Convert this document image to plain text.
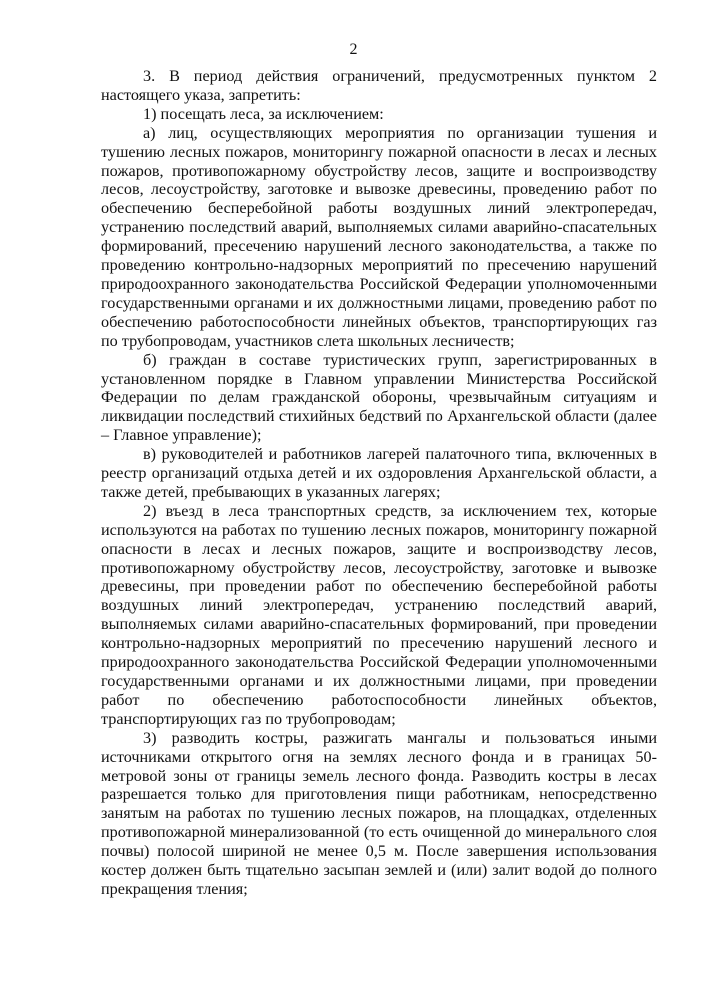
2

3. В период действия ограничений, предусмотренных пунктом 2 настоящего указа, запретить:

1) посещать леса, за исключением:

а) лиц, осуществляющих мероприятия по организации тушения и тушению лесных пожаров, мониторингу пожарной опасности в лесах и лесных пожаров, противопожарному обустройству лесов, защите и воспроизводству лесов, лесоустройству, заготовке и вывозке древесины, проведению работ по обеспечению бесперебойной работы воздушных линий электропередач, устранению последствий аварий, выполняемых силами аварийно-спасательных формирований, пресечению нарушений лесного законодательства, а также по проведению контрольно-надзорных мероприятий по пресечению нарушений природоохранного законодательства Российской Федерации уполномоченными государственными органами и их должностными лицами, проведению работ по обеспечению работоспособности линейных объектов, транспортирующих газ по трубопроводам, участников слета школьных лесничеств;

б) граждан в составе туристических групп, зарегистрированных в установленном порядке в Главном управлении Министерства Российской Федерации по делам гражданской обороны, чрезвычайным ситуациям и ликвидации последствий стихийных бедствий по Архангельской области (далее – Главное управление);

в) руководителей и работников лагерей палаточного типа, включенных в реестр организаций отдыха детей и их оздоровления Архангельской области, а также детей, пребывающих в указанных лагерях;

2) въезд в леса транспортных средств, за исключением тех, которые используются на работах по тушению лесных пожаров, мониторингу пожарной опасности в лесах и лесных пожаров, защите и воспроизводству лесов, противопожарному обустройству лесов, лесоустройству, заготовке и вывозке древесины, при проведении работ по обеспечению бесперебойной работы воздушных линий электропередач, устранению последствий аварий, выполняемых силами аварийно-спасательных формирований, при проведении контрольно-надзорных мероприятий по пресечению нарушений лесного и природоохранного законодательства Российской Федерации уполномоченными государственными органами и их должностными лицами, при проведении работ по обеспечению работоспособности линейных объектов, транспортирующих газ по трубопроводам;

3) разводить костры, разжигать мангалы и пользоваться иными источниками открытого огня на землях лесного фонда и в границах 50-метровой зоны от границы земель лесного фонда. Разводить костры в лесах разрешается только для приготовления пищи работникам, непосредственно занятым на работах по тушению лесных пожаров, на площадках, отделенных противопожарной минерализованной (то есть очищенной до минерального слоя почвы) полосой шириной не менее 0,5 м. После завершения использования костер должен быть тщательно засыпан землей и (или) залит водой до полного прекращения тления;
